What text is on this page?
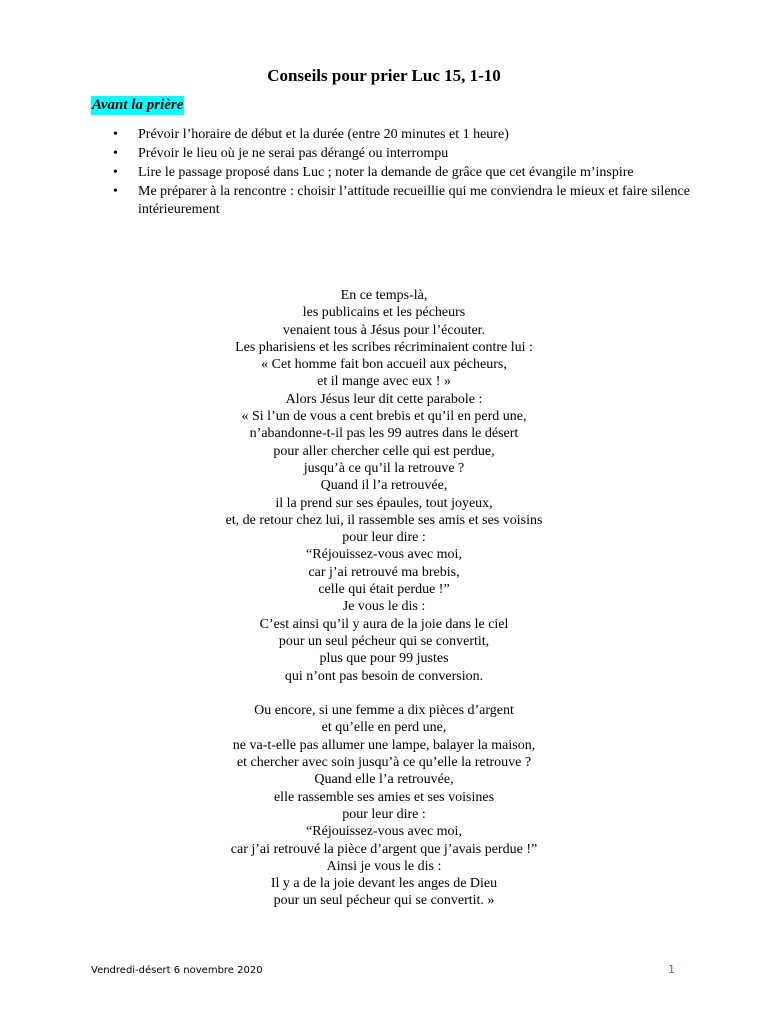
Conseils pour prier Luc 15, 1-10
Avant la prière
• Prévoir l’horaire de début et la durée (entre 20 minutes et 1 heure)
• Prévoir le lieu où je ne serai pas dérangé ou interrompu
• Lire le passage proposé dans Luc ; noter la demande de grâce que cet évangile m’inspire
• Me préparer à la rencontre : choisir l’attitude recueillie qui me conviendra le mieux et faire silence intérieurement
En ce temps-là,
les publicains et les pécheurs
venaient tous à Jésus pour l’écouter.
Les pharisiens et les scribes récriminaient contre lui :
« Cet homme fait bon accueil aux pécheurs,
et il mange avec eux ! »
Alors Jésus leur dit cette parabole :
« Si l’un de vous a cent brebis et qu’il en perd une,
n’abandonne-t-il pas les 99 autres dans le désert
pour aller chercher celle qui est perdue,
jusqu’à ce qu’il la retrouve ?
Quand il l’a retrouvée,
il la prend sur ses épaules, tout joyeux,
et, de retour chez lui, il rassemble ses amis et ses voisins
pour leur dire :
“Réjouissez-vous avec moi,
car j’ai retrouvé ma brebis,
celle qui était perdue !”
Je vous le dis :
C’est ainsi qu’il y aura de la joie dans le ciel
pour un seul pécheur qui se convertit,
plus que pour 99 justes
qui n’ont pas besoin de conversion.
Ou encore, si une femme a dix pièces d’argent
et qu’elle en perd une,
ne va-t-elle pas allumer une lampe, balayer la maison,
et chercher avec soin jusqu’à ce qu’elle la retrouve ?
Quand elle l’a retrouvée,
elle rassemble ses amies et ses voisines
pour leur dire :
“Réjouissez-vous avec moi,
car j’ai retrouvé la pièce d’argent que j’avais perdue !”
Ainsi je vous le dis :
Il y a de la joie devant les anges de Dieu
pour un seul pécheur qui se convertit. »
Vendredi-désert 6 novembre 2020	1
